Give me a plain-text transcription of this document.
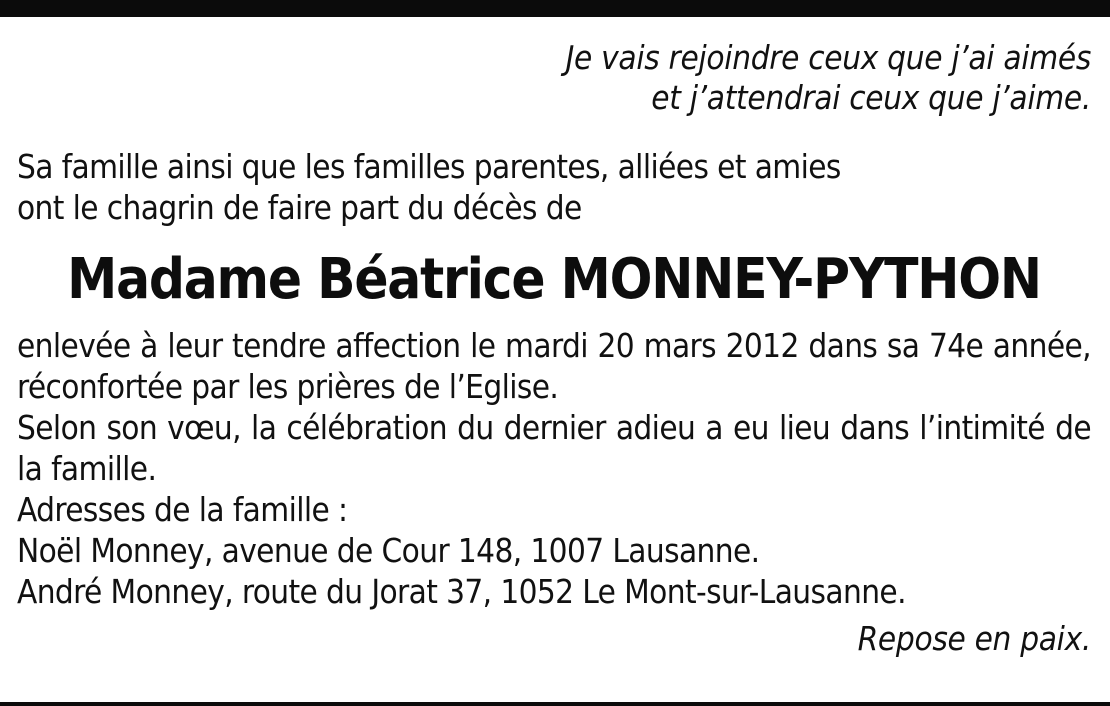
Je vais rejoindre ceux que j’ai aimés

et j’attendrai ceux que j’aime.

Sa famille ainsi que les familles parentes, alliées et amies

ont le chagrin de faire part du décès de

Madame Béatrice MONNEY-PYTHON

enlevée à leur tendre affection le mardi 20 mars 2012 dans sa 74e année, réconfortée par les prières de l’Eglise.

Selon son vœu, la célébration du dernier adieu a eu lieu dans l’intimité de la famille.

Adresses de la famille :

Noël Monney, avenue de Cour 148, 1007 Lausanne.

André Monney, route du Jorat 37, 1052 Le Mont-sur-Lausanne.

Repose en paix.
